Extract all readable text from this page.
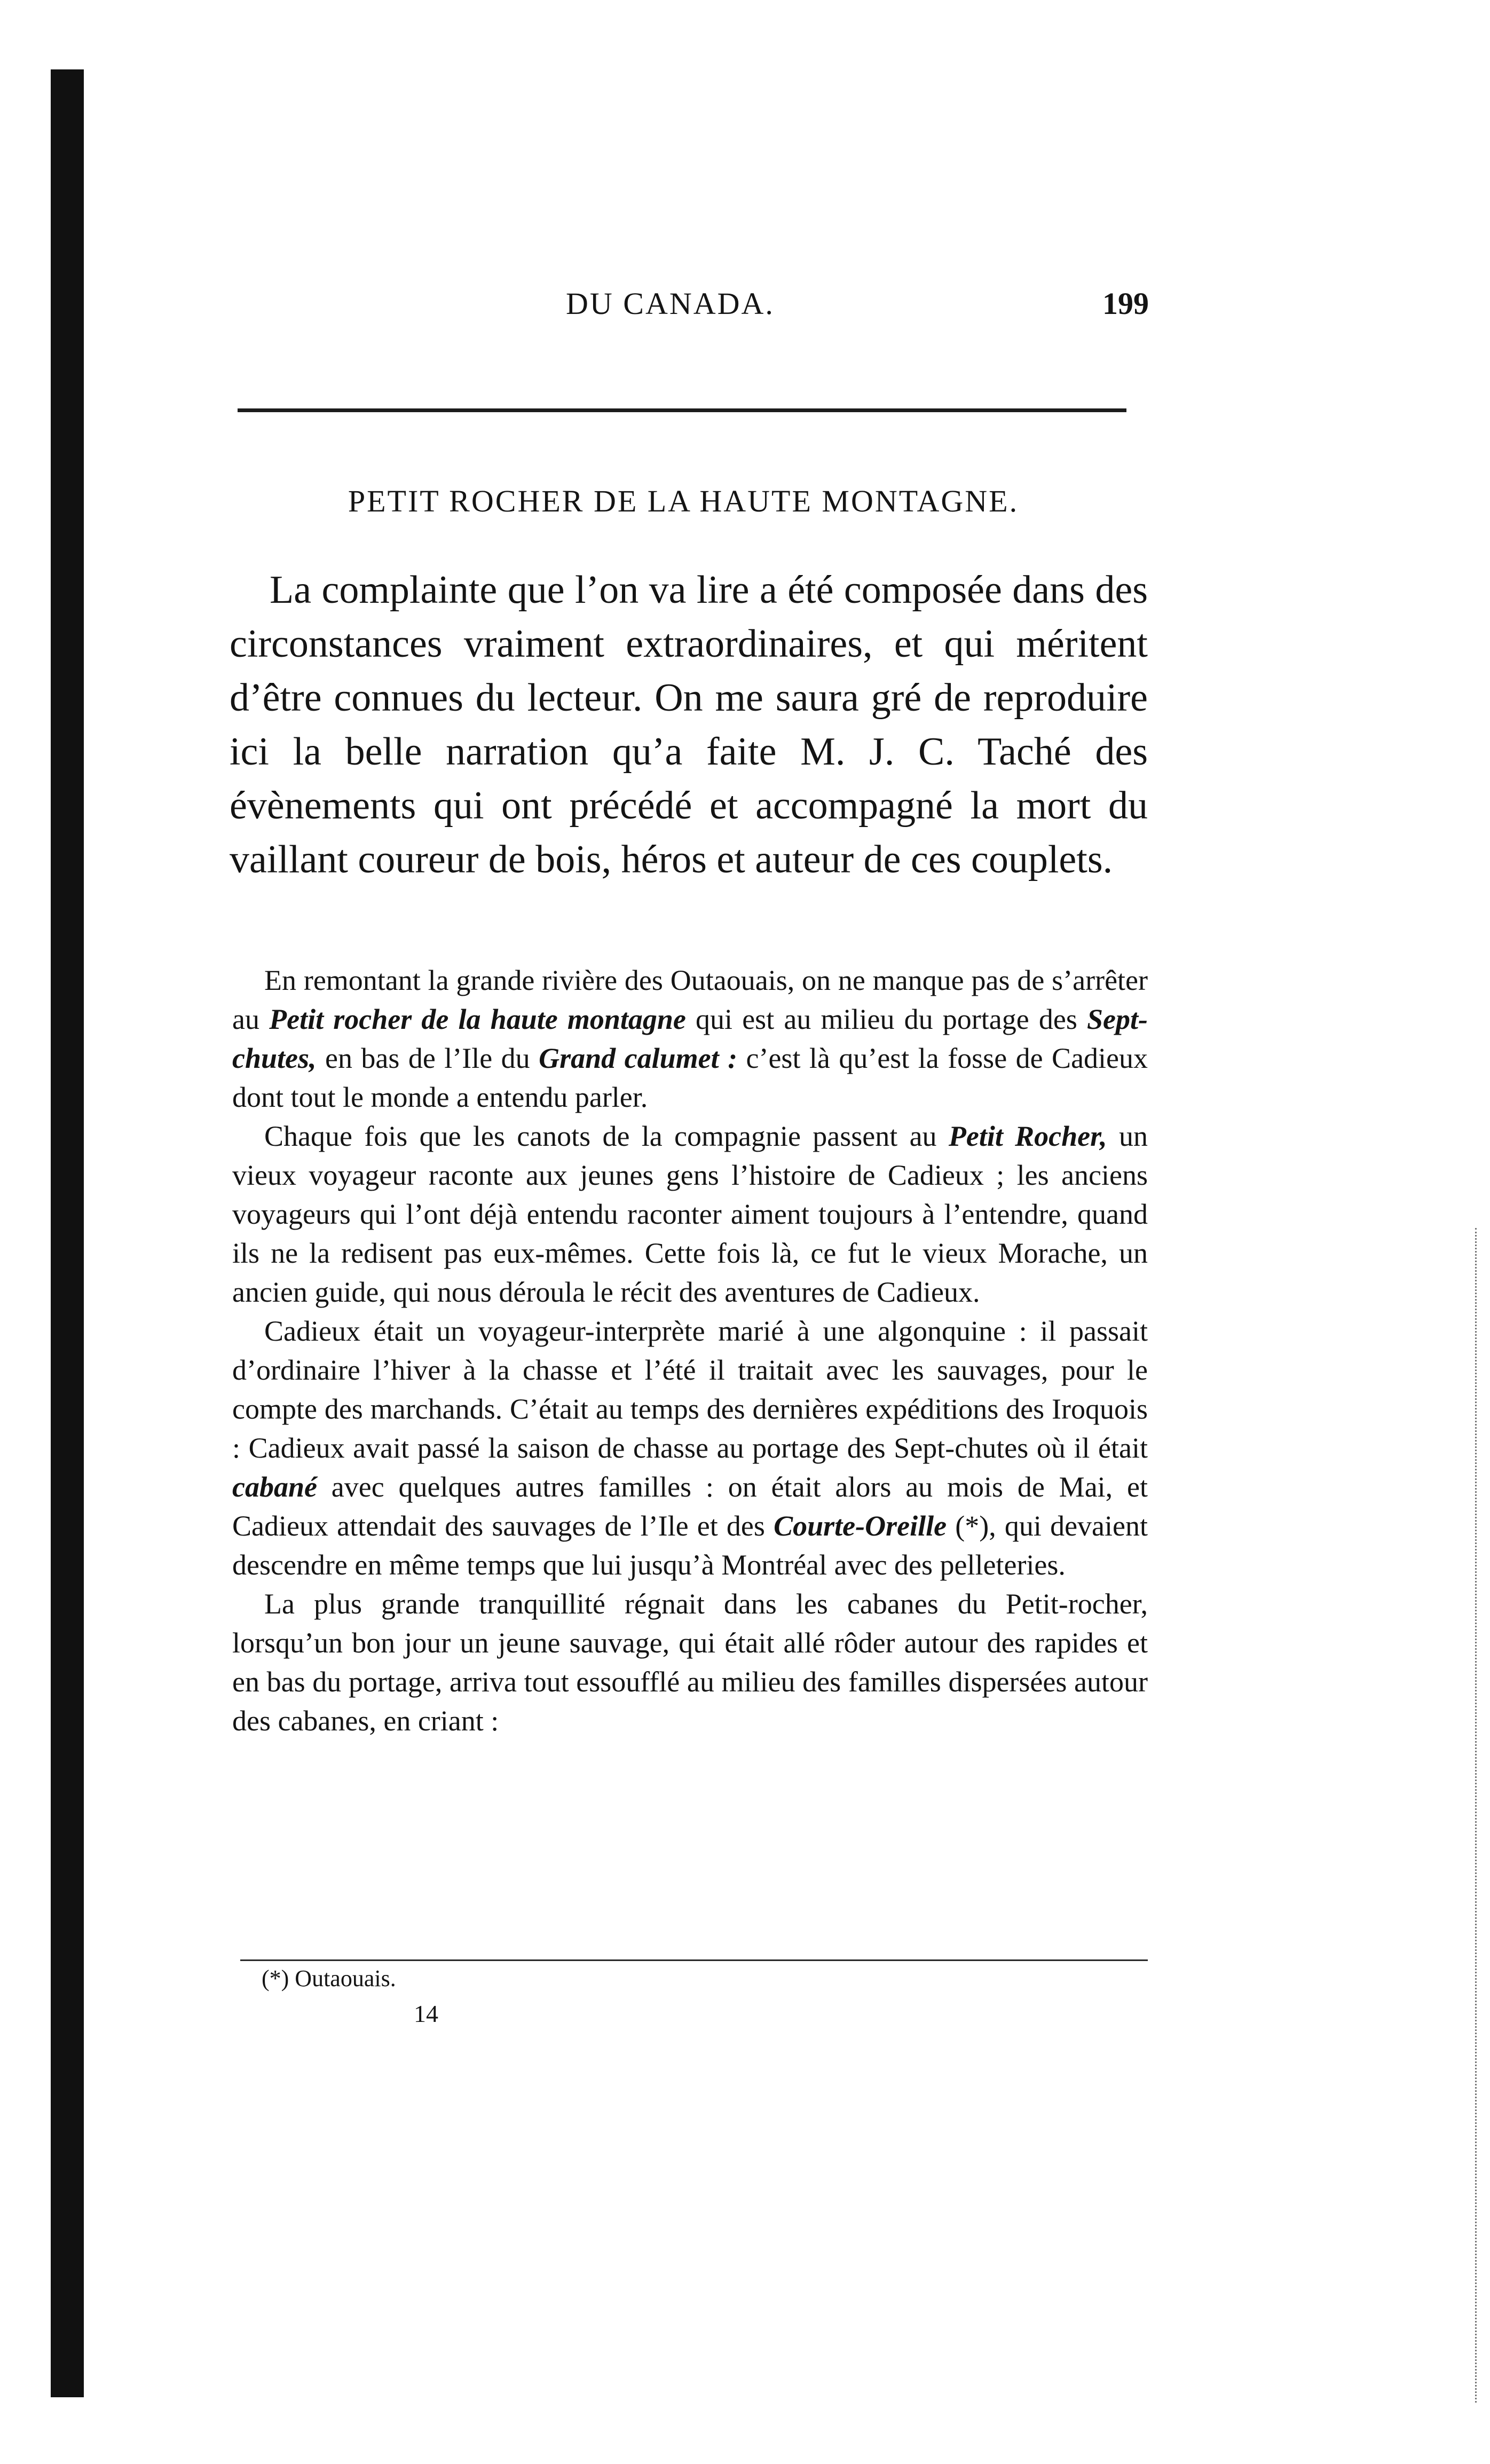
DU CANADA.	199
PETIT ROCHER DE LA HAUTE MONTAGNE.

La complainte que l’on va lire a été composée dans des circonstances vraiment extraordinaires, et qui méritent d’être connues du lecteur. On me saura gré de reproduire ici la belle narration qu’a faite M. J. C. Taché des évènements qui ont précédé et accompagné la mort du vaillant coureur de bois, héros et auteur de ces couplets.

En remontant la grande rivière des Outaouais, on ne manque pas de s’arrêter au Petit rocher de la haute montagne qui est au milieu du portage des Sept-chutes, en bas de l’Ile du Grand calumet : c’est là qu’est la fosse de Cadieux dont tout le monde a entendu parler.

Chaque fois que les canots de la compagnie passent au Petit Rocher, un vieux voyageur raconte aux jeunes gens l’histoire de Cadieux ; les anciens voyageurs qui l’ont déjà entendu raconter aiment toujours à l’entendre, quand ils ne la redisent pas eux-mêmes. Cette fois là, ce fut le vieux Morache, un ancien guide, qui nous déroula le récit des aventures de Cadieux.

Cadieux était un voyageur-interprète marié à une algonquine : il passait d’ordinaire l’hiver à la chasse et l’été il traitait avec les sauvages, pour le compte des marchands. C’était au temps des dernières expéditions des Iroquois : Cadieux avait passé la saison de chasse au portage des Sept-chutes où il était cabané avec quelques autres familles : on était alors au mois de Mai, et Cadieux attendait des sauvages de l’Ile et des Courte-Oreille (*), qui devaient descendre en même temps que lui jusqu’à Montréal avec des pelleteries.

La plus grande tranquillité régnait dans les cabanes du Petit-rocher, lorsqu’un bon jour un jeune sauvage, qui était allé rôder autour des rapides et en bas du portage, arriva tout essoufflé au milieu des familles dispersées autour des cabanes, en criant :

(*) Outaouais.
14
